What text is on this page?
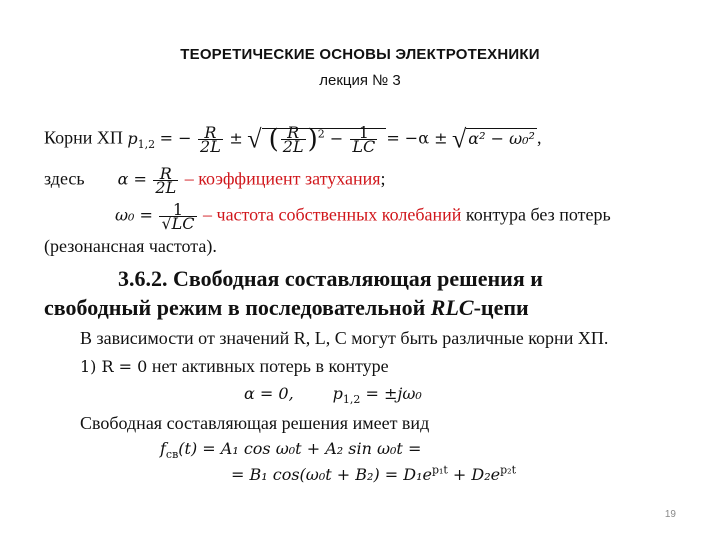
ТЕОРЕТИЧЕСКИЕ ОСНОВЫ ЭЛЕКТРОТЕХНИКИ
лекция № 3
Корни ХП $p_{1,2}$ = − $\frac{R}{2L}$ ± √ ( $\frac{R}{2L} )^2 - \frac{1}{LC} = -\alpha$ ± √ α² − ω₀² ,
здесь $\alpha = \frac{R}{2L}$ – коэффициент затухания;
$\omega_0 = \frac{1}{√LC}$ – частота собственных колебаний контура без потерь
(резонансная частота).
3.6.2. Свободная составляющая решения и
свободный режим в последовательной RLC-цепи
В зависимости от значений R, L, C могут быть различные корни ХП.
1) R = 0 нет активных потерь в контуре
α = 0, $p_{1,2} = \pm j\omega_0$
Свободная составляющая решения имеет вид
$f_{св}(t) = A_1$ cos ω₀t + A₂ sin ω₀t =
= B₁ $\cos(\omega_0t + B_2) = D_1e^{p_1t} + D_2e^{p_2t}$
19
